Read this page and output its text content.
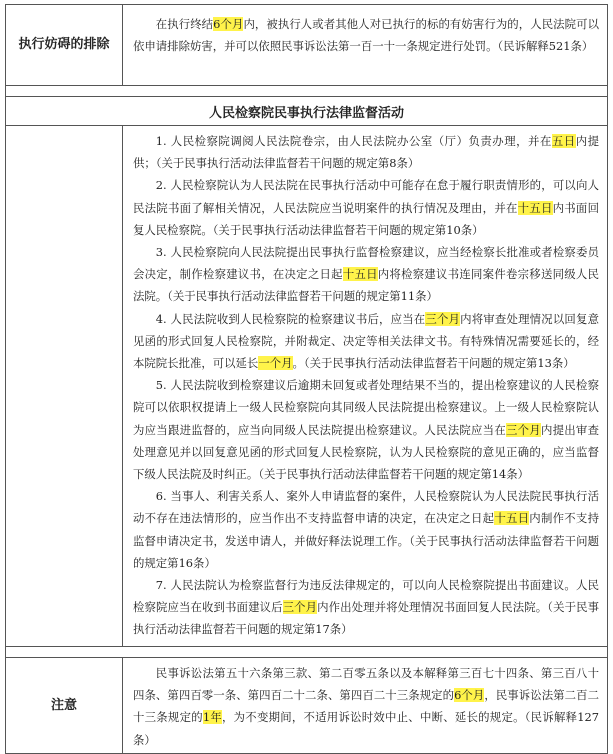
执行妨碍的排除

在执行终结6个月内，被执行人或者其他人对已执行的标的有妨害行为的，人民法院可以依申请排除妨害，并可以依照民事诉讼法第一百一十一条规定进行处罚。（民诉解释521条）

人民检察院民事执行法律监督活动

1. 人民检察院调阅人民法院卷宗，由人民法院办公室（厅）负责办理，并在五日内提供；（关于民事执行活动法律监督若干问题的规定第8条）

2. 人民检察院认为人民法院在民事执行活动中可能存在怠于履行职责情形的，可以向人民法院书面了解相关情况，人民法院应当说明案件的执行情况及理由，并在十五日内书面回复人民检察院。（关于民事执行活动法律监督若干问题的规定第10条）

3. 人民检察院向人民法院提出民事执行监督检察建议，应当经检察长批准或者检察委员会决定，制作检察建议书，在决定之日起十五日内将检察建议书连同案件卷宗移送同级人民法院。（关于民事执行活动法律监督若干问题的规定第11条）

4. 人民法院收到人民检察院的检察建议书后，应当在三个月内将审查处理情况以回复意见函的形式回复人民检察院，并附裁定、决定等相关法律文书。有特殊情况需要延长的，经本院院长批准，可以延长一个月。（关于民事执行活动法律监督若干问题的规定第13条）

5. 人民法院收到检察建议后逾期未回复或者处理结果不当的，提出检察建议的人民检察院可以依职权提请上一级人民检察院向其同级人民法院提出检察建议。上一级人民检察院认为应当跟进监督的，应当向同级人民法院提出检察建议。人民法院应当在三个月内提出审查处理意见并以回复意见函的形式回复人民检察院，认为人民检察院的意见正确的，应当监督下级人民法院及时纠正。（关于民事执行活动法律监督若干问题的规定第14条）

6. 当事人、利害关系人、案外人申请监督的案件，人民检察院认为人民法院民事执行活动不存在违法情形的，应当作出不支持监督申请的决定，在决定之日起十五日内制作不支持监督申请决定书，发送申请人，并做好释法说理工作。（关于民事执行活动法律监督若干问题的规定第16条）

7. 人民法院认为检察监督行为违反法律规定的，可以向人民检察院提出书面建议。人民检察院应当在收到书面建议后三个月内作出处理并将处理情况书面回复人民法院。（关于民事执行活动法律监督若干问题的规定第17条）

注意

民事诉讼法第五十六条第三款、第二百零五条以及本解释第三百七十四条、第三百八十四条、第四百零一条、第四百二十二条、第四百二十三条规定的6个月，民事诉讼法第二百二十三条规定的1年，为不变期间，不适用诉讼时效中止、中断、延长的规定。（民诉解释127条）
